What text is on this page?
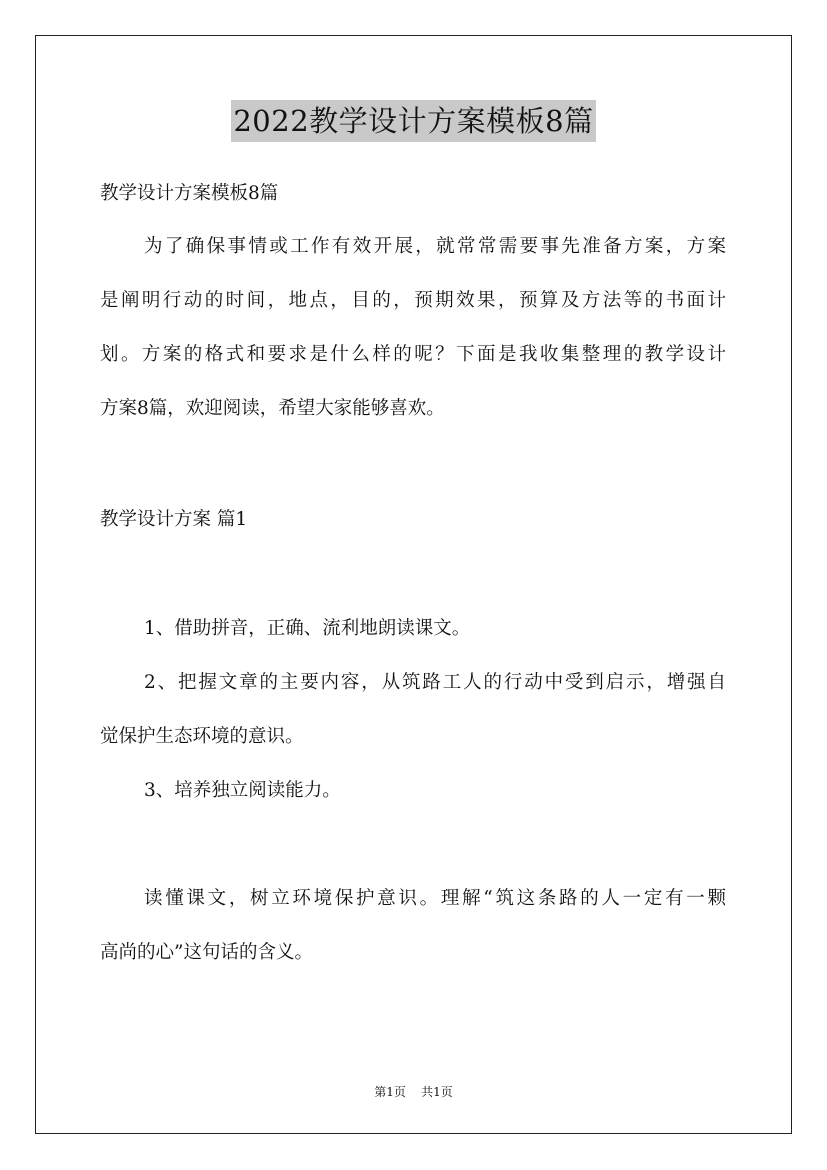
2022教学设计方案模板8篇
教学设计方案模板8篇
为了确保事情或工作有效开展，就常常需要事先准备方案，方案
是阐明行动的时间，地点，目的，预期效果，预算及方法等的书面计
划。方案的格式和要求是什么样的呢？下面是我收集整理的教学设计
方案8篇，欢迎阅读，希望大家能够喜欢。
教学设计方案 篇1
1、借助拼音，正确、流利地朗读课文。
2、把握文章的主要内容，从筑路工人的行动中受到启示，增强自
觉保护生态环境的意识。
3、培养独立阅读能力。
读懂课文，树立环境保护意识。理解“筑这条路的人一定有一颗
高尚的心”这句话的含义。
第1页 共1页
